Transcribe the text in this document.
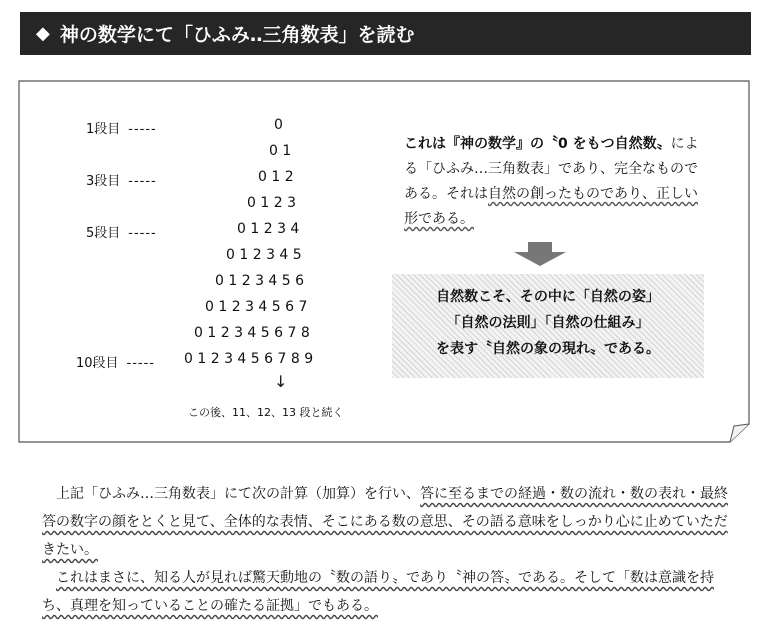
◆ 神の数学にて「ひふみ‥三角数表」を読む
1段目 -----	0
0 1
3段目 -----	0 1 2
0 1 2 3
5段目 -----	0 1 2 3 4
0 1 2 3 4 5
0 1 2 3 4 5 6
0 1 2 3 4 5 6 7
0 1 2 3 4 5 6 7 8
10段目 ----- 0 1 2 3 4 5 6 7 8 9
↓
この後、11、12、13 段と続く
これは『神の数学』の〝0 をもつ自然数〟による「ひふみ…三角数表」であり、完全なものである。それは自然の創ったものであり、正しい形である。
自然数こそ、その中に「自然の姿」
「自然の法則」「自然の仕組み」
を表す〝自然の象の現れ〟である。

上記「ひふみ…三角数表」にて次の計算（加算）を行い、答に至るまでの経過・数の流れ・数の表れ・最終答の数字の顔をとくと見て、全体的な表情、そこにある数の意思、その語る意味をしっかり心に止めていただきたい。

これはまさに、知る人が見れば驚天動地の〝数の語り〟であり〝神の答〟である。そして「数は意識を持ち、真理を知っていることの確たる証拠」でもある。
